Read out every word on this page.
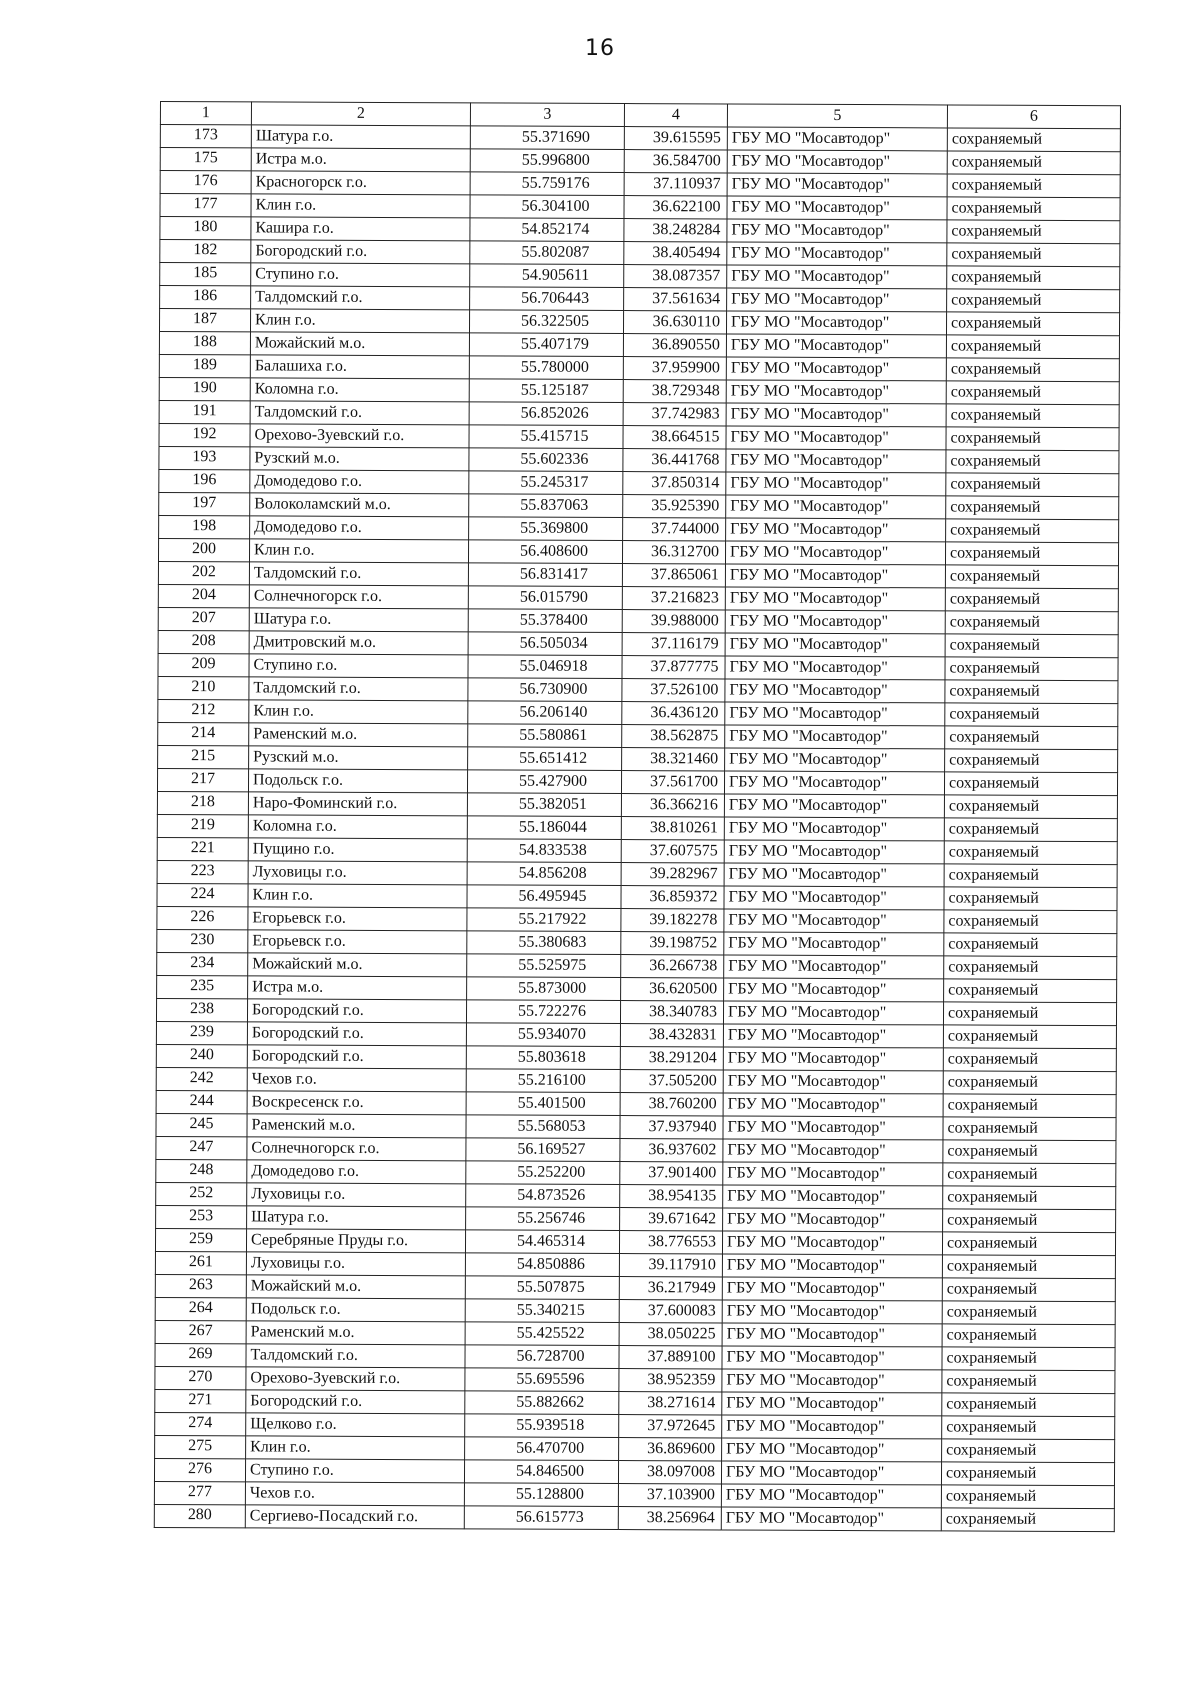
16
1	2	3	4	5	6
173	Шатура г.о.	55.371690	39.615595	ГБУ МО "Мосавтодор"	сохраняемый
175	Истра м.о.	55.996800	36.584700	ГБУ МО "Мосавтодор"	сохраняемый
176	Красногорск г.о.	55.759176	37.110937	ГБУ МО "Мосавтодор"	сохраняемый
177	Клин г.о.	56.304100	36.622100	ГБУ МО "Мосавтодор"	сохраняемый
180	Кашира г.о.	54.852174	38.248284	ГБУ МО "Мосавтодор"	сохраняемый
182	Богородский г.о.	55.802087	38.405494	ГБУ МО "Мосавтодор"	сохраняемый
185	Ступино г.о.	54.905611	38.087357	ГБУ МО "Мосавтодор"	сохраняемый
186	Талдомский г.о.	56.706443	37.561634	ГБУ МО "Мосавтодор"	сохраняемый
187	Клин г.о.	56.322505	36.630110	ГБУ МО "Мосавтодор"	сохраняемый
188	Можайский м.о.	55.407179	36.890550	ГБУ МО "Мосавтодор"	сохраняемый
189	Балашиха г.о.	55.780000	37.959900	ГБУ МО "Мосавтодор"	сохраняемый
190	Коломна г.о.	55.125187	38.729348	ГБУ МО "Мосавтодор"	сохраняемый
191	Талдомский г.о.	56.852026	37.742983	ГБУ МО "Мосавтодор"	сохраняемый
192	Орехово-Зуевский г.о.	55.415715	38.664515	ГБУ МО "Мосавтодор"	сохраняемый
193	Рузский м.о.	55.602336	36.441768	ГБУ МО "Мосавтодор"	сохраняемый
196	Домодедово г.о.	55.245317	37.850314	ГБУ МО "Мосавтодор"	сохраняемый
197	Волоколамский м.о.	55.837063	35.925390	ГБУ МО "Мосавтодор"	сохраняемый
198	Домодедово г.о.	55.369800	37.744000	ГБУ МО "Мосавтодор"	сохраняемый
200	Клин г.о.	56.408600	36.312700	ГБУ МО "Мосавтодор"	сохраняемый
202	Талдомский г.о.	56.831417	37.865061	ГБУ МО "Мосавтодор"	сохраняемый
204	Солнечногорск г.о.	56.015790	37.216823	ГБУ МО "Мосавтодор"	сохраняемый
207	Шатура г.о.	55.378400	39.988000	ГБУ МО "Мосавтодор"	сохраняемый
208	Дмитровский м.о.	56.505034	37.116179	ГБУ МО "Мосавтодор"	сохраняемый
209	Ступино г.о.	55.046918	37.877775	ГБУ МО "Мосавтодор"	сохраняемый
210	Талдомский г.о.	56.730900	37.526100	ГБУ МО "Мосавтодор"	сохраняемый
212	Клин г.о.	56.206140	36.436120	ГБУ МО "Мосавтодор"	сохраняемый
214	Раменский м.о.	55.580861	38.562875	ГБУ МО "Мосавтодор"	сохраняемый
215	Рузский м.о.	55.651412	38.321460	ГБУ МО "Мосавтодор"	сохраняемый
217	Подольск г.о.	55.427900	37.561700	ГБУ МО "Мосавтодор"	сохраняемый
218	Наро-Фоминский г.о.	55.382051	36.366216	ГБУ МО "Мосавтодор"	сохраняемый
219	Коломна г.о.	55.186044	38.810261	ГБУ МО "Мосавтодор"	сохраняемый
221	Пущино г.о.	54.833538	37.607575	ГБУ МО "Мосавтодор"	сохраняемый
223	Луховицы г.о.	54.856208	39.282967	ГБУ МО "Мосавтодор"	сохраняемый
224	Клин г.о.	56.495945	36.859372	ГБУ МО "Мосавтодор"	сохраняемый
226	Егорьевск г.о.	55.217922	39.182278	ГБУ МО "Мосавтодор"	сохраняемый
230	Егорьевск г.о.	55.380683	39.198752	ГБУ МО "Мосавтодор"	сохраняемый
234	Можайский м.о.	55.525975	36.266738	ГБУ МО "Мосавтодор"	сохраняемый
235	Истра м.о.	55.873000	36.620500	ГБУ МО "Мосавтодор"	сохраняемый
238	Богородский г.о.	55.722276	38.340783	ГБУ МО "Мосавтодор"	сохраняемый
239	Богородский г.о.	55.934070	38.432831	ГБУ МО "Мосавтодор"	сохраняемый
240	Богородский г.о.	55.803618	38.291204	ГБУ МО "Мосавтодор"	сохраняемый
242	Чехов г.о.	55.216100	37.505200	ГБУ МО "Мосавтодор"	сохраняемый
244	Воскресенск г.о.	55.401500	38.760200	ГБУ МО "Мосавтодор"	сохраняемый
245	Раменский м.о.	55.568053	37.937940	ГБУ МО "Мосавтодор"	сохраняемый
247	Солнечногорск г.о.	56.169527	36.937602	ГБУ МО "Мосавтодор"	сохраняемый
248	Домодедово г.о.	55.252200	37.901400	ГБУ МО "Мосавтодор"	сохраняемый
252	Луховицы г.о.	54.873526	38.954135	ГБУ МО "Мосавтодор"	сохраняемый
253	Шатура г.о.	55.256746	39.671642	ГБУ МО "Мосавтодор"	сохраняемый
259	Серебряные Пруды г.о.	54.465314	38.776553	ГБУ МО "Мосавтодор"	сохраняемый
261	Луховицы г.о.	54.850886	39.117910	ГБУ МО "Мосавтодор"	сохраняемый
263	Можайский м.о.	55.507875	36.217949	ГБУ МО "Мосавтодор"	сохраняемый
264	Подольск г.о.	55.340215	37.600083	ГБУ МО "Мосавтодор"	сохраняемый
267	Раменский м.о.	55.425522	38.050225	ГБУ МО "Мосавтодор"	сохраняемый
269	Талдомский г.о.	56.728700	37.889100	ГБУ МО "Мосавтодор"	сохраняемый
270	Орехово-Зуевский г.о.	55.695596	38.952359	ГБУ МО "Мосавтодор"	сохраняемый
271	Богородский г.о.	55.882662	38.271614	ГБУ МО "Мосавтодор"	сохраняемый
274	Щелково г.о.	55.939518	37.972645	ГБУ МО "Мосавтодор"	сохраняемый
275	Клин г.о.	56.470700	36.869600	ГБУ МО "Мосавтодор"	сохраняемый
276	Ступино г.о.	54.846500	38.097008	ГБУ МО "Мосавтодор"	сохраняемый
277	Чехов г.о.	55.128800	37.103900	ГБУ МО "Мосавтодор"	сохраняемый
280	Сергиево-Посадский г.о.	56.615773	38.256964	ГБУ МО "Мосавтодор"	сохраняемый
